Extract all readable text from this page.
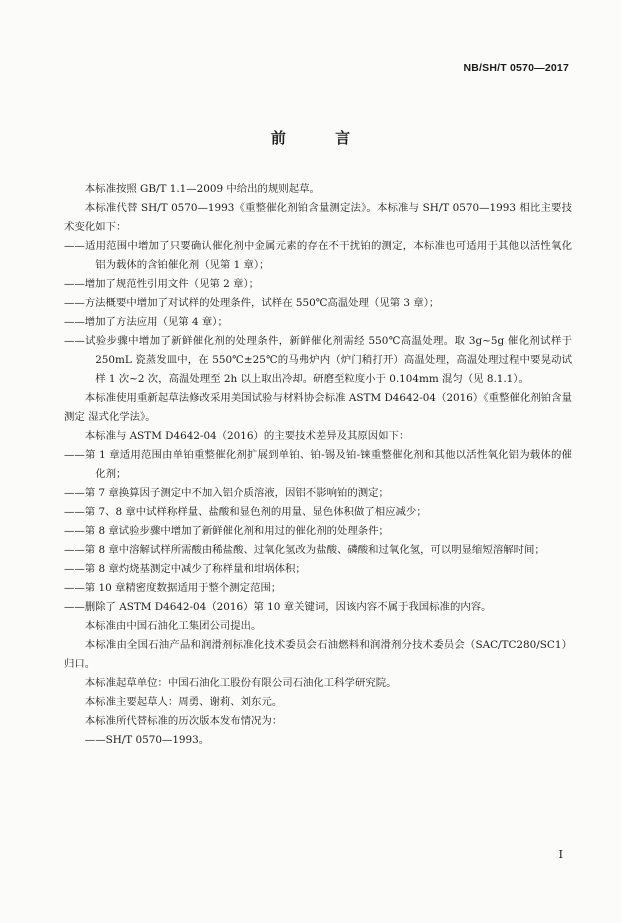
NB/SH/T 0570—2017
前 言

本标准按照 GB/T 1.1—2009 中给出的规则起草。

本标准代替 SH/T 0570—1993《重整催化剂铂含量测定法》。本标准与 SH/T 0570—1993 相比主要技术变化如下：

——适用范围中增加了只要确认催化剂中金属元素的存在不干扰铂的测定，本标准也可适用于其他以活性氧化铝为载体的含铂催化剂（见第 1 章）；

——增加了规范性引用文件（见第 2 章）；

——方法概要中增加了对试样的处理条件，试样在 550℃高温处理（见第 3 章）；

——增加了方法应用（见第 4 章）；

——试验步骤中增加了新鲜催化剂的处理条件，新鲜催化剂需经 550℃高温处理。取 3g~5g 催化剂试样于 250mL 瓷蒸发皿中，在 550℃±25℃的马弗炉内（炉门稍打开）高温处理，高温处理过程中要晃动试样 1 次~2 次，高温处理至 2h 以上取出冷却。研磨至粒度小于 0.104mm 混匀（见 8.1.1）。

本标准使用重新起草法修改采用美国试验与材料协会标准 ASTM D4642-04（2016）《重整催化剂铂含量测定 湿式化学法》。

本标准与 ASTM D4642-04（2016）的主要技术差异及其原因如下：

——第 1 章适用范围由单铂重整催化剂扩展到单铂、铂-锡及铂-铼重整催化剂和其他以活性氧化铝为载体的催化剂；

——第 7 章换算因子测定中不加入铝介质溶液，因铝不影响铂的测定；

——第 7、8 章中试样称样量、盐酸和显色剂的用量、显色体积做了相应减少；

——第 8 章试验步骤中增加了新鲜催化剂和用过的催化剂的处理条件；

——第 8 章中溶解试样所需酸由稀盐酸、过氧化氢改为盐酸、磷酸和过氧化氢，可以明显缩短溶解时间；

——第 8 章灼烧基测定中减少了称样量和坩埚体积；

——第 10 章精密度数据适用于整个测定范围；

——删除了 ASTM D4642-04（2016）第 10 章关键词，因该内容不属于我国标准的内容。

本标准由中国石油化工集团公司提出。

本标准由全国石油产品和润滑剂标准化技术委员会石油燃料和润滑剂分技术委员会（SAC/TC280/SC1）归口。

本标准起草单位：中国石油化工股份有限公司石油化工科学研究院。

本标准主要起草人：周勇、谢莉、刘东元。

本标准所代替标准的历次版本发布情况为：

——SH/T 0570—1993。

I
